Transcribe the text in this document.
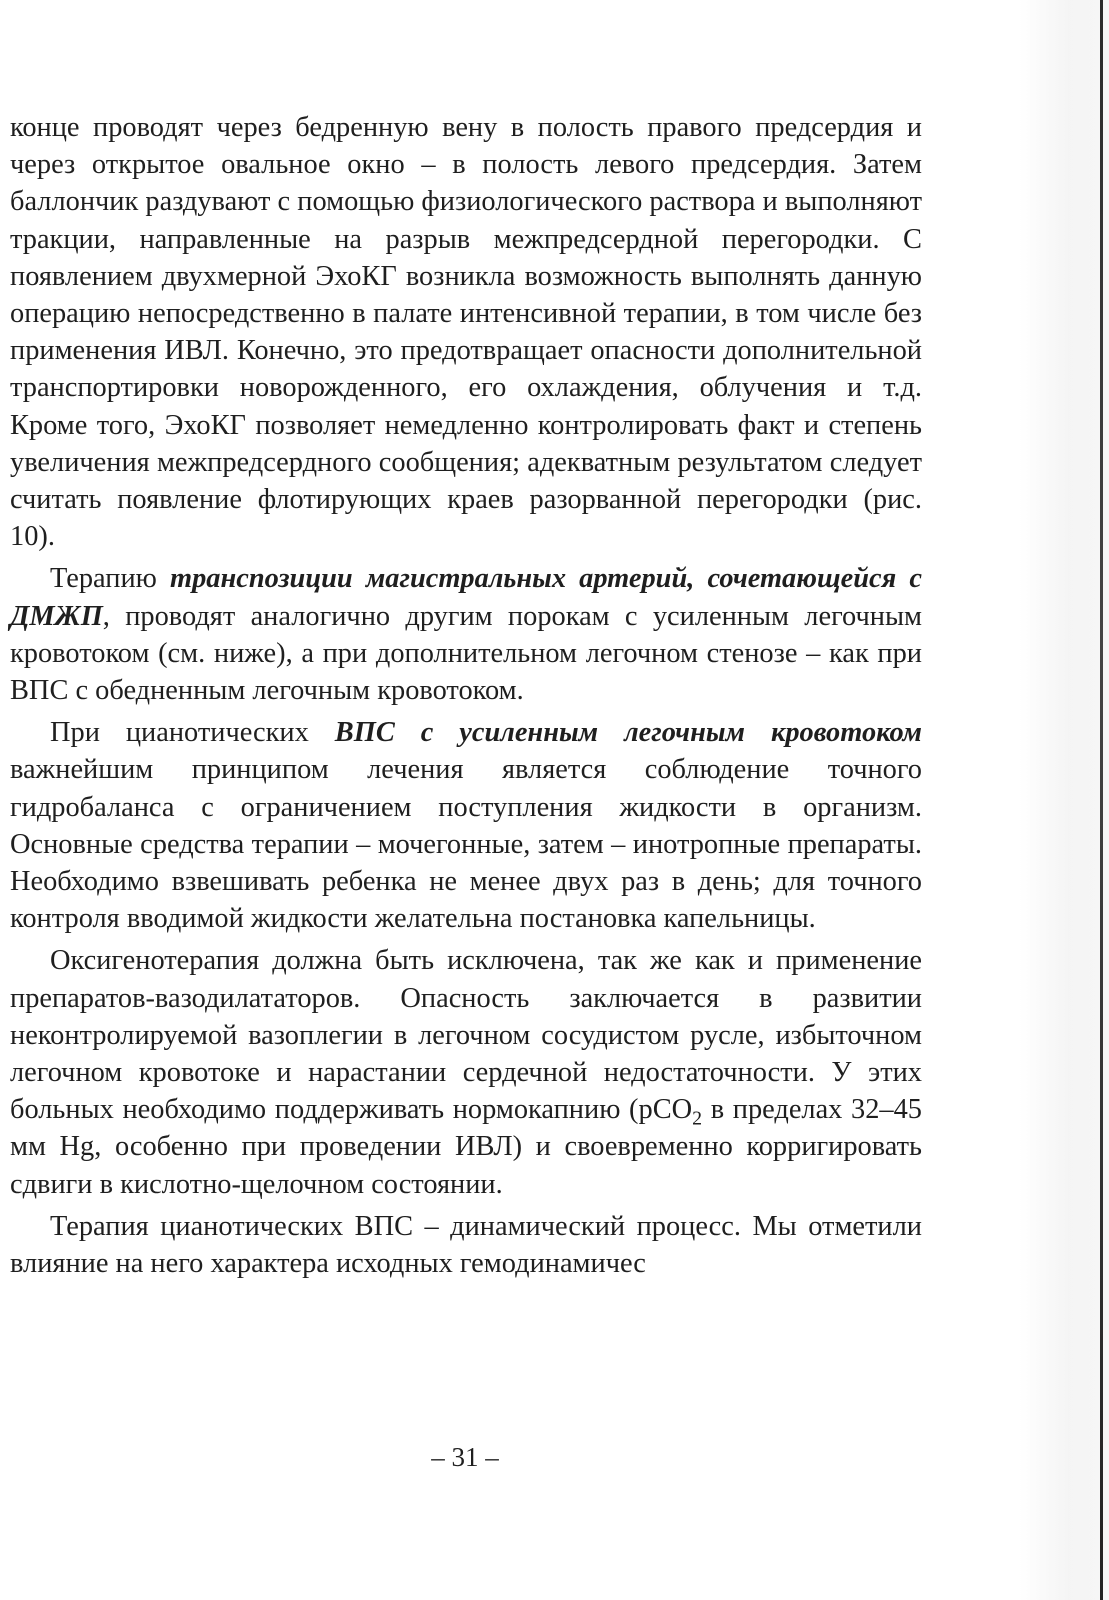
конце проводят через бедренную вену в полость правого предсердия и через открытое овальное окно – в полость левого предсердия. Затем баллончик раздувают с помощью физиологического раствора и выполняют тракции, направленные на разрыв межпредсердной перегородки. С появлением двухмерной ЭхоКГ возникла возможность выполнять данную операцию непосредственно в палате интенсивной терапии, в том числе без применения ИВЛ. Конечно, это предотвращает опасности дополнительной транспортировки новорожденного, его охлаждения, облучения и т.д. Кроме того, ЭхоКГ позволяет немедленно контролировать факт и степень увеличения межпредсердного сообщения; адекватным результатом следует считать появление флотирующих краев разорванной перегородки (рис. 10).

Терапию транспозиции магистральных артерий, сочетающейся с ДМЖП, проводят аналогично другим порокам с усиленным легочным кровотоком (см. ниже), а при дополнительном легочном стенозе – как при ВПС с обедненным легочным кровотоком.

При цианотических ВПС с усиленным легочным кровотоком важнейшим принципом лечения является соблюдение точного гидробаланса с ограничением поступления жидкости в организм. Основные средства терапии – мочегонные, затем – инотропные препараты. Необходимо взвешивать ребенка не менее двух раз в день; для точного контроля вводимой жидкости желательна постановка капельницы.

Оксигенотерапия должна быть исключена, так же как и применение препаратов-вазодилататоров. Опасность заключается в развитии неконтролируемой вазоплегии в легочном сосудистом русле, избыточном легочном кровотоке и нарастании сердечной недостаточности. У этих больных необходимо поддерживать нормокапнию (pCO$_2$ в пределах 32–45 мм Hg, особенно при проведении ИВЛ) и своевременно корригировать сдвиги в кислотно-щелочном состоянии.

Терапия цианотических ВПС – динамический процесс. Мы отметили влияние на него характера исходных гемодинамичес

– 31 –
